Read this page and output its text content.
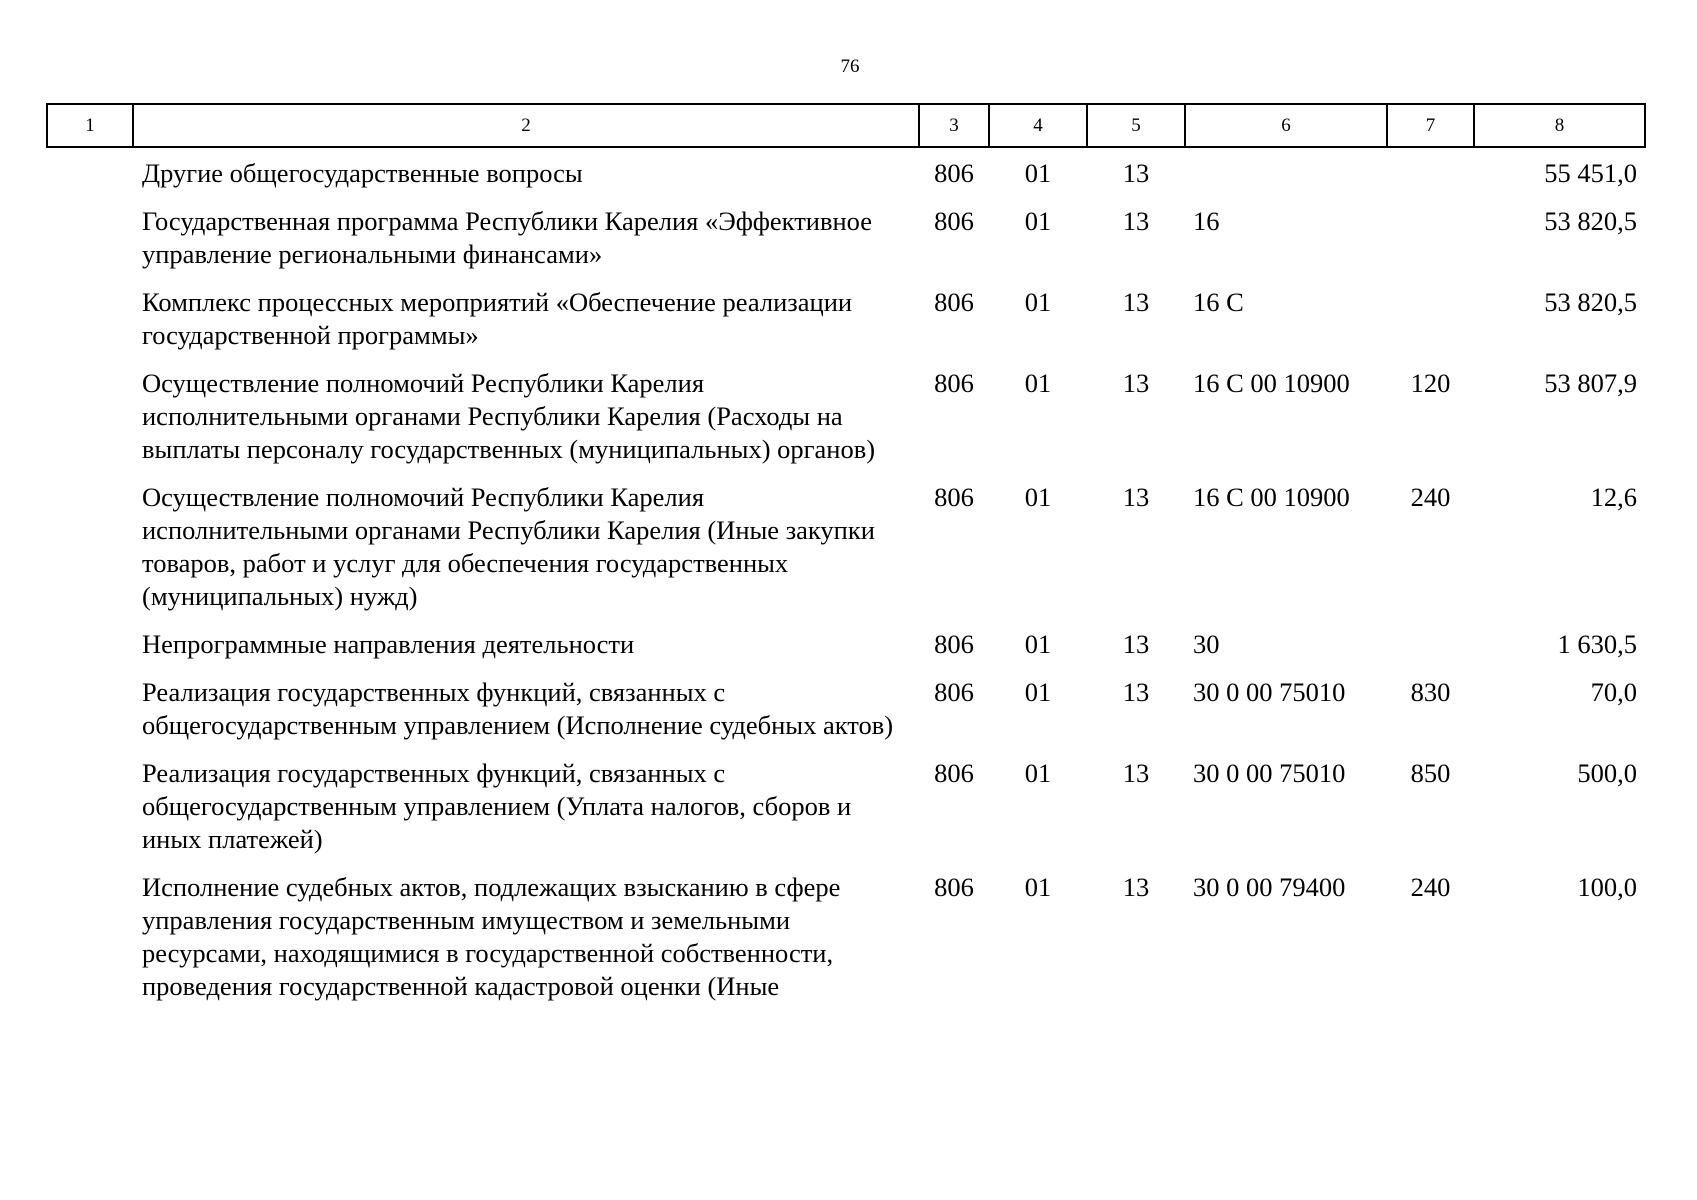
76
1	2	3	4	5	6	7	8
	Другие общегосударственные вопросы	806	01	13			55 451,0
	Государственная программа Республики Карелия «Эффективное управление региональными финансами»	806	01	13	16		53 820,5
	Комплекс процессных мероприятий «Обеспечение реализации государственной программы»	806	01	13	16 С		53 820,5
	Осуществление полномочий Республики Карелия исполнительными органами Республики Карелия (Расходы на выплаты персоналу государственных (муниципальных) органов)	806	01	13	16 С 00 10900	120	53 807,9
	Осуществление полномочий Республики Карелия исполнительными органами Республики Карелия (Иные закупки товаров, работ и услуг для обеспечения государственных (муниципальных) нужд)	806	01	13	16 С 00 10900	240	12,6
	Непрограммные направления деятельности	806	01	13	30		1 630,5
	Реализация государственных функций, связанных с общегосударственным управлением (Исполнение судебных актов)	806	01	13	30 0 00 75010	830	70,0
	Реализация государственных функций, связанных с общегосударственным управлением (Уплата налогов, сборов и иных платежей)	806	01	13	30 0 00 75010	850	500,0
	Исполнение судебных актов, подлежащих взысканию в сфере управления государственным имуществом и земельными ресурсами, находящимися в государственной собственности, проведения государственной кадастровой оценки (Иные	806	01	13	30 0 00 79400	240	100,0
